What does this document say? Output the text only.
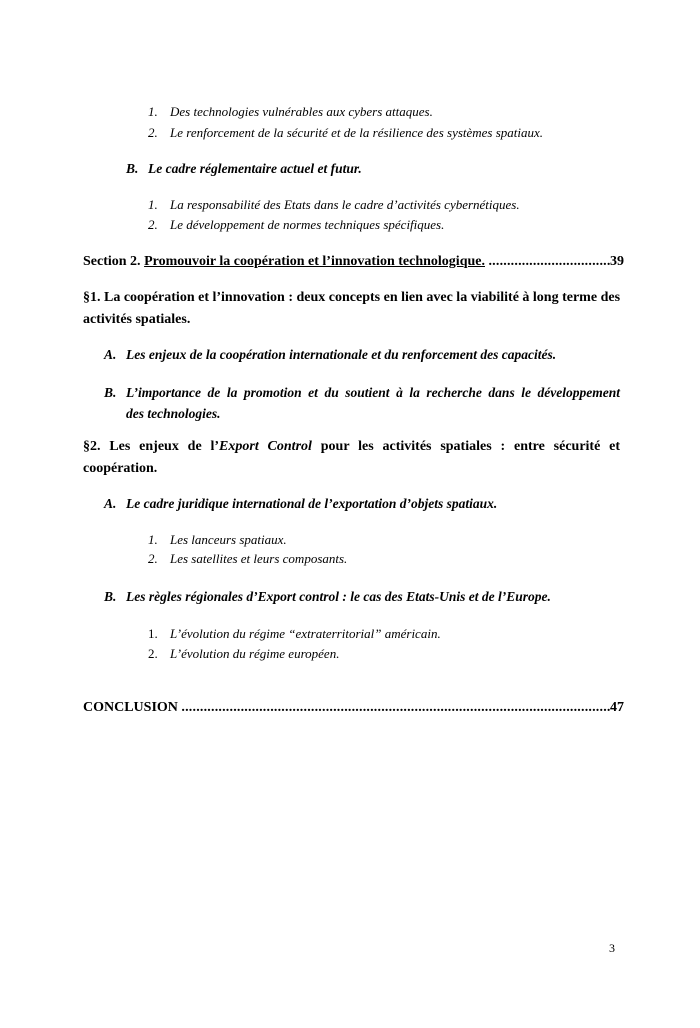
1. Des technologies vulnérables aux cybers attaques.
2. Le renforcement de la sécurité et de la résilience des systèmes spatiaux.
B. Le cadre réglementaire actuel et futur.
1. La responsabilité des Etats dans le cadre d’activités cybernétiques.
2. Le développement de normes techniques spécifiques.
Section 2.
Promouvoir la coopération et l’innovation technologique.
.....	39
§1. La coopération et l’innovation : deux concepts en lien avec la viabilité à long terme des activités spatiales.
A. Les enjeux de la coopération internationale et du renforcement des capacités.
B. L’importance de la promotion et du soutient à la recherche dans le développement
des technologies.
§2. Les enjeux de l’Export Control pour les activités spatiales : entre sécurité et coopération.
A. Le cadre juridique international de l’exportation d’objets spatiaux.
1. Les lanceurs spatiaux.
2. Les satellites et leurs composants.
B. Les règles régionales d’Export control : le cas des Etats-Unis et de l’Europe.
1. L’évolution du régime “extraterritorial” américain.
2. L’évolution du régime européen.
CONCLUSION
.....	47
3
